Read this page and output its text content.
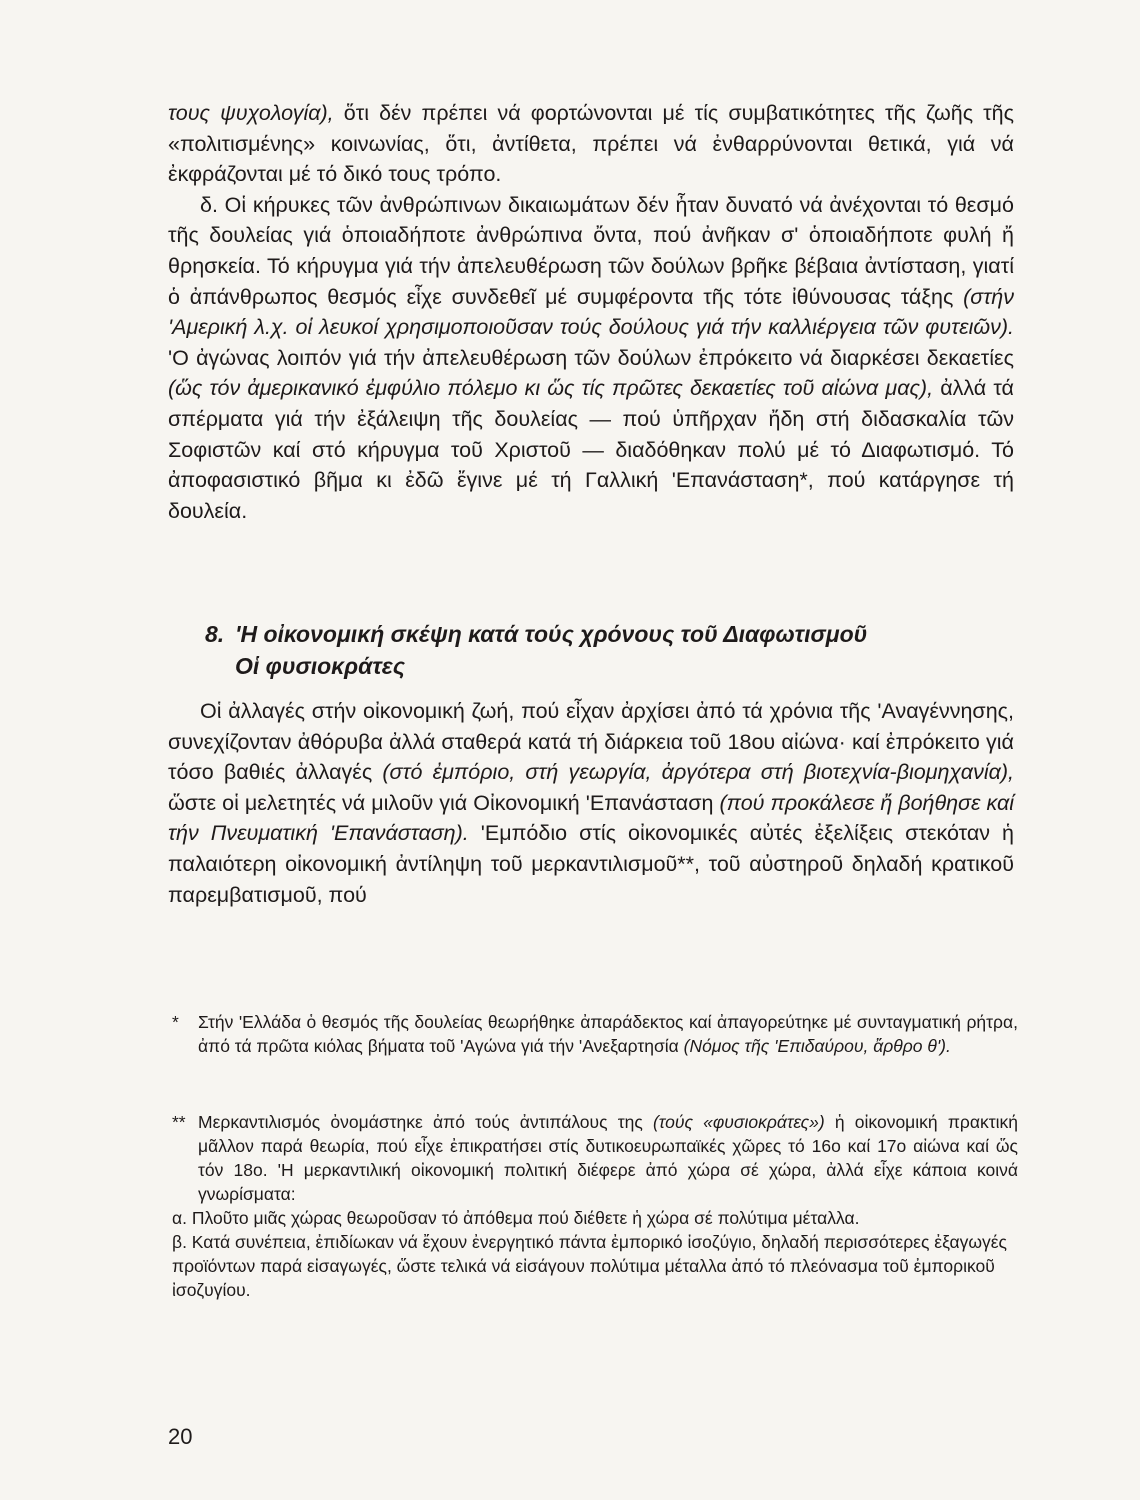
τους ψυχολογία), ὅτι δέν πρέπει νά φορτώνονται μέ τίς συμβατικότητες τῆς ζωῆς τῆς «πολιτισμένης» κοινωνίας, ὅτι, ἀντίθετα, πρέπει νά ἐνθαρρύνονται θετικά, γιά νά ἐκφράζονται μέ τό δικό τους τρόπο.

δ. Οἱ κήρυκες τῶν ἀνθρώπινων δικαιωμάτων δέν ἦταν δυνατό νά ἀνέχονται τό θεσμό τῆς δουλείας γιά ὁποιαδήποτε ἀνθρώπινα ὄντα, πού ἀνῆκαν σ' ὁποιαδήποτε φυλή ἤ θρησκεία. Τό κήρυγμα γιά τήν ἀπελευθέρωση τῶν δούλων βρῆκε βέβαια ἀντίσταση, γιατί ὁ ἀπάνθρωπος θεσμός εἶχε συνδεθεῖ μέ συμφέροντα τῆς τότε ἰθύνουσας τάξης (στήν 'Αμερική λ.χ. οἱ λευκοί χρησιμοποιοῦσαν τούς δούλους γιά τήν καλλιέργεια τῶν φυτειῶν). 'Ο ἀγώνας λοιπόν γιά τήν ἀπελευθέρωση τῶν δούλων ἐπρόκειτο νά διαρκέσει δεκαετίες (ὥς τόν ἀμερικανικό ἐμφύλιο πόλεμο κι ὥς τίς πρῶτες δεκαετίες τοῦ αἰώνα μας), ἀλλά τά σπέρματα γιά τήν ἐξάλειψη τῆς δουλείας — πού ὑπῆρχαν ἤδη στή διδασκαλία τῶν Σοφιστῶν καί στό κήρυγμα τοῦ Χριστοῦ — διαδόθηκαν πολύ μέ τό Διαφωτισμό. Τό ἀποφασιστικό βῆμα κι ἐδῶ ἔγινε μέ τή Γαλλική 'Επανάσταση*, πού κατάργησε τή δουλεία.

8. 'Η οἰκονομική σκέψη κατά τούς χρόνους τοῦ Διαφωτισμοῦ
Οἱ φυσιοκράτες

Οἱ ἀλλαγές στήν οἰκονομική ζωή, πού εἶχαν ἀρχίσει ἀπό τά χρόνια τῆς 'Αναγέννησης, συνεχίζονταν ἀθόρυβα ἀλλά σταθερά κατά τή διάρκεια τοῦ 18ου αἰώνα· καί ἐπρόκειτο γιά τόσο βαθιές ἀλλαγές (στό ἐμπόριο, στή γεωργία, ἀργότερα στή βιοτεχνία-βιομηχανία), ὥστε οἱ μελετητές νά μιλοῦν γιά Οἰκονομική 'Επανάσταση (πού προκάλεσε ἤ βοήθησε καί τήν Πνευματική 'Επανάσταση). 'Εμπόδιο στίς οἰκονομικές αὐτές ἐξελίξεις στεκόταν ἡ παλαιότερη οἰκονομική ἀντίληψη τοῦ μερκαντιλισμοῦ**, τοῦ αὐστηροῦ δηλαδή κρατικοῦ παρεμβατισμοῦ, πού

*	Στήν 'Ελλάδα ὁ θεσμός τῆς δουλείας θεωρήθηκε ἀπαράδεκτος καί ἀπαγορεύτηκε μέ συνταγματική ρήτρα, ἀπό τά πρῶτα κιόλας βήματα τοῦ 'Αγώνα γιά τήν 'Ανεξαρτησία (Νόμος τῆς 'Επιδαύρου, ἄρθρο θ').
** Μερκαντιλισμός ὀνομάστηκε ἀπό τούς ἀντιπάλους της (τούς «φυσιοκράτες») ἡ οἰκονομική πρακτική μᾶλλον παρά θεωρία, πού εἶχε ἐπικρατήσει στίς δυτικοευρωπαϊκές χῶρες τό 16ο καί 17ο αἰώνα καί ὥς τόν 18ο. 'Η μερκαντιλική οἰκονομική πολιτική διέφερε ἀπό χώρα σέ χώρα, ἀλλά εἶχε κάποια κοινά γνωρίσματα:
α. Πλοῦτο μιᾶς χώρας θεωροῦσαν τό ἀπόθεμα πού διέθετε ἡ χώρα σέ πολύτιμα μέταλλα.
β. Κατά συνέπεια, ἐπιδίωκαν νά ἔχουν ἐνεργητικό πάντα ἐμπορικό ἰσοζύγιο, δηλαδή περισσότερες ἐξαγωγές προϊόντων παρά εἰσαγωγές, ὥστε τελικά νά εἰσάγουν πολύτιμα μέταλλα ἀπό τό πλεόνασμα τοῦ ἐμπορικοῦ ἰσοζυγίου.
20
